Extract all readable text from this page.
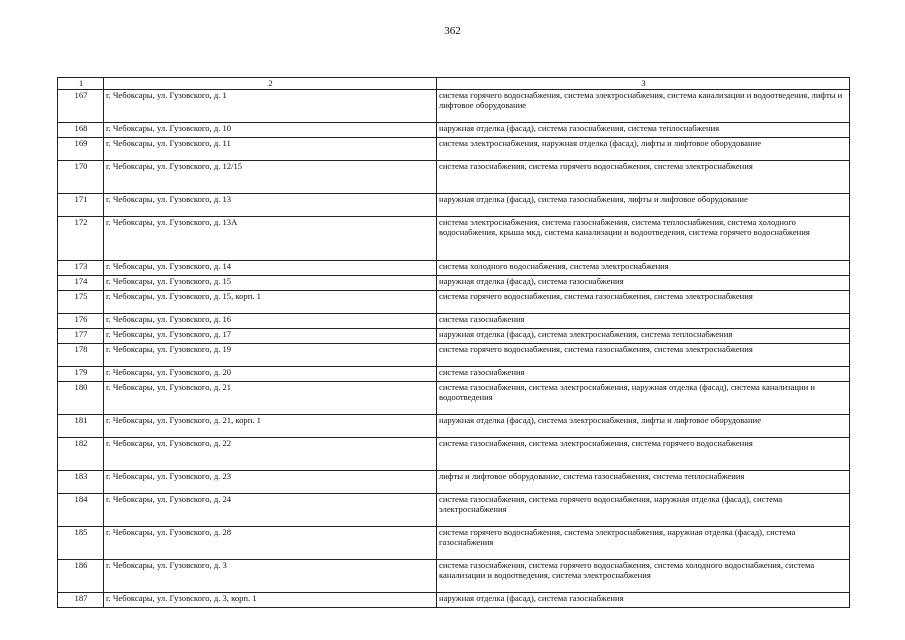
362
1	2	3
167	г. Чебоксары, ул. Гузовского, д. 1	система горячего водоснабжения, система электроснабжения, система канализации и водоотведения, лифты и лифтовое оборудование
168	г. Чебоксары, ул. Гузовского, д. 10	наружная отделка (фасад), система газоснабжения, система теплоснабжения
169	г. Чебоксары, ул. Гузовского, д. 11	система электроснабжения, наружная отделка (фасад), лифты и лифтовое оборудование
170	г. Чебоксары, ул. Гузовского, д. 12/15	система газоснабжения, система горячего водоснабжения, система электроснабжения
171	г. Чебоксары, ул. Гузовского, д. 13	наружная отделка (фасад), система газоснабжения, лифты и лифтовое оборудование
172	г. Чебоксары, ул. Гузовского, д. 13А	система электроснабжения, система газоснабжения, система теплоснабжения, система холодного водоснабжения, крыша мкд, система канализации и водоотведения, система горячего водоснабжения
173	г. Чебоксары, ул. Гузовского, д. 14	система холодного водоснабжения, система электроснабжения
174	г. Чебоксары, ул. Гузовского, д. 15	наружная отделка (фасад), система газоснабжения
175	г. Чебоксары, ул. Гузовского, д. 15, корп. 1	система горячего водоснабжения, система газоснабжения, система электроснабжения
176	г. Чебоксары, ул. Гузовского, д. 16	система газоснабжения
177	г. Чебоксары, ул. Гузовского, д. 17	наружная отделка (фасад), система электроснабжения, система теплоснабжения
178	г. Чебоксары, ул. Гузовского, д. 19	система горячего водоснабжения, система газоснабжения, система электроснабжения
179	г. Чебоксары, ул. Гузовского, д. 20	система газоснабжения
180	г. Чебоксары, ул. Гузовского, д. 21	система газоснабжения, система электроснабжения, наружная отделка (фасад), система канализации и водоотведения
181	г. Чебоксары, ул. Гузовского, д. 21, корп. 1	наружная отделка (фасад), система электроснабжения, лифты и лифтовое оборудование
182	г. Чебоксары, ул. Гузовского, д. 22	система газоснабжения, система электроснабжения, система горячего водоснабжения
183	г. Чебоксары, ул. Гузовского, д. 23	лифты и лифтовое оборудование, система газоснабжения, система теплоснабжения
184	г. Чебоксары, ул. Гузовского, д. 24	система газоснабжения, система горячего водоснабжения, наружная отделка (фасад), система электроснабжения
185	г. Чебоксары, ул. Гузовского, д. 28	система горячего водоснабжения, система электроснабжения, наружная отделка (фасад), система газоснабжения
186	г. Чебоксары, ул. Гузовского, д. 3	система газоснабжения, система горячего водоснабжения, система холодного водоснабжения, система канализации и водоотведения, система электроснабжения
187	г. Чебоксары, ул. Гузовского, д. 3, корп. 1	наружная отделка (фасад), система газоснабжения
